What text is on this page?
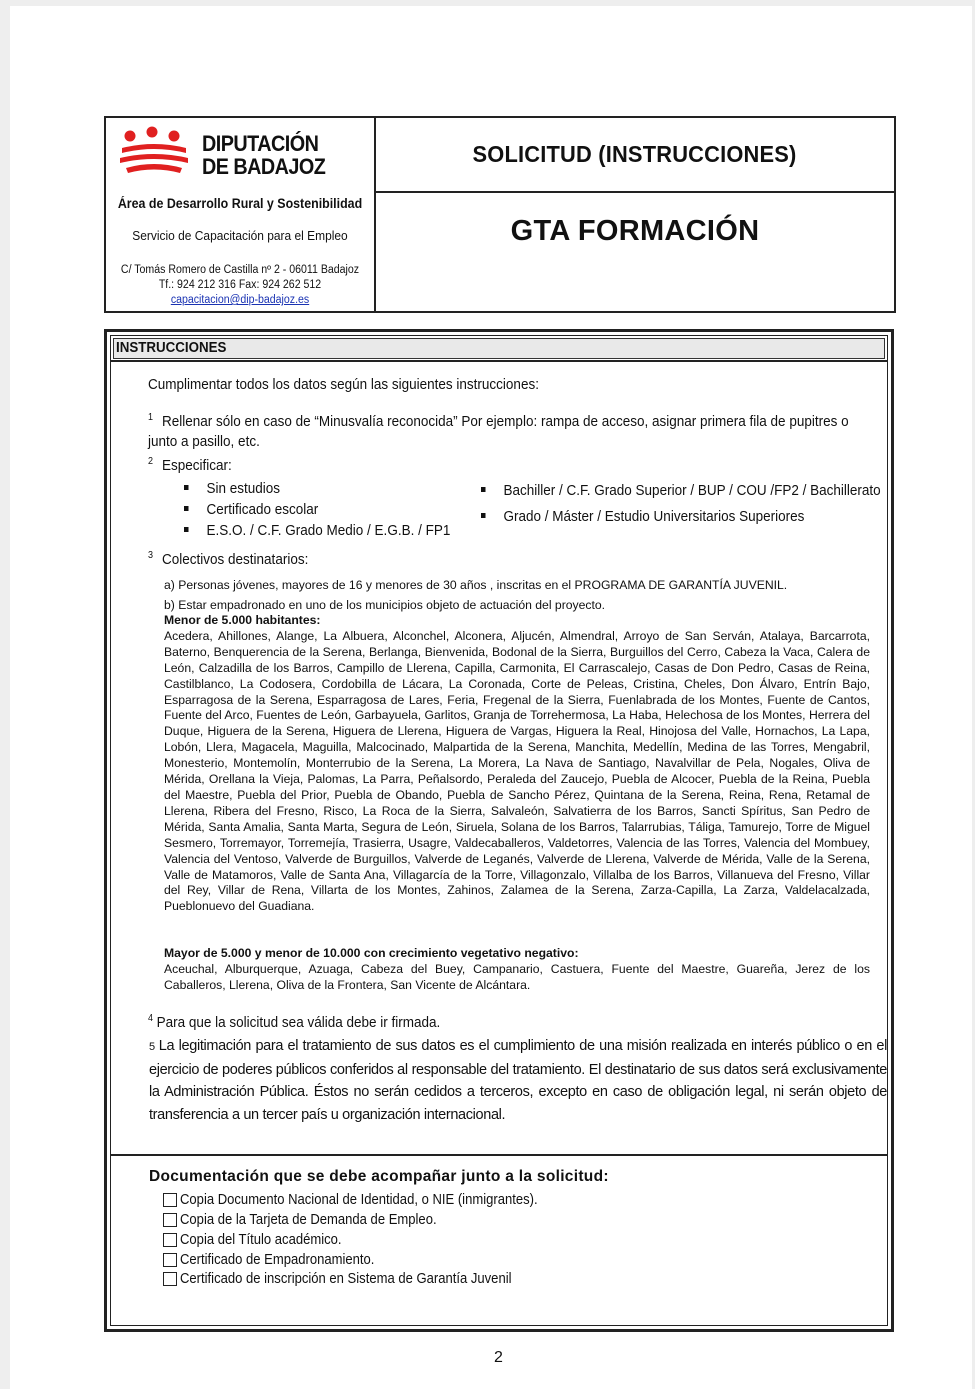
DIPUTACIÓN
DE BADAJOZ
Área de Desarrollo Rural y Sostenibilidad
Servicio de Capacitación para el Empleo
C/ Tomás Romero de Castilla nº 2 - 06011 Badajoz
Tf.: 924 212 316 Fax: 924 262 512
capacitacion@dip-badajoz.es
SOLICITUD (INSTRUCCIONES)
GTA FORMACIÓN
INSTRUCCIONES
Cumplimentar todos los datos según las siguientes instrucciones:
$^1$ Rellenar sólo en caso de “Minusvalía reconocida” Por ejemplo: rampa de acceso, asignar primera fila de pupitres o
junto a pasillo, etc.
$^2$ Especificar:
Sin estudios
Certificado escolar
E.S.O. / C.F. Grado Medio / E.G.B. / FP1
Bachiller / C.F. Grado Superior / BUP / COU /FP2 / Bachillerato
Grado / Máster / Estudio Universitarios Superiores
$^3$ Colectivos destinatarios:
a) Personas jóvenes, mayores de 16 y menores de 30 años , inscritas en el PROGRAMA DE GARANTÍA JUVENIL.
b) Estar empadronado en uno de los municipios objeto de actuación del proyecto.
Menor de 5.000 habitantes:
Acedera, Ahillones, Alange, La Albuera, Alconchel, Alconera, Aljucén, Almendral, Arroyo de San Serván, Atalaya, Barcarrota, Baterno, Benquerencia de la Serena, Berlanga, Bienvenida, Bodonal de la Sierra, Burguillos del Cerro, Cabeza la Vaca, Calera de León, Calzadilla de los Barros, Campillo de Llerena, Capilla, Carmonita, El Carrascalejo, Casas de Don Pedro, Casas de Reina, Castilblanco, La Codosera, Cordobilla de Lácara, La Coronada, Corte de Peleas, Cristina, Cheles, Don Álvaro, Entrín Bajo, Esparragosa de la Serena, Esparragosa de Lares, Feria, Fregenal de la Sierra, Fuenlabrada de los Montes, Fuente de Cantos, Fuente del Arco, Fuentes de León, Garbayuela, Garlitos, Granja de Torrehermosa, La Haba, Helechosa de los Montes, Herrera del Duque, Higuera de la Serena, Higuera de Llerena, Higuera de Vargas, Higuera la Real, Hinojosa del Valle, Hornachos, La Lapa, Lobón, Llera, Magacela, Maguilla, Malcocinado, Malpartida de la Serena, Manchita, Medellín, Medina de las Torres, Mengabril, Monesterio, Montemolín, Monterrubio de la Serena, La Morera, La Nava de Santiago, Navalvillar de Pela, Nogales, Oliva de Mérida, Orellana la Vieja, Palomas, La Parra, Peñalsordo, Peraleda del Zaucejo, Puebla de Alcocer, Puebla de la Reina, Puebla del Maestre, Puebla del Prior, Puebla de Obando, Puebla de Sancho Pérez, Quintana de la Serena, Reina, Rena, Retamal de Llerena, Ribera del Fresno, Risco, La Roca de la Sierra, Salvaleón, Salvatierra de los Barros, Sancti Spíritus, San Pedro de Mérida, Santa Amalia, Santa Marta, Segura de León, Siruela, Solana de los Barros, Talarrubias, Táliga, Tamurejo, Torre de Miguel Sesmero, Torremayor, Torremejía, Trasierra, Usagre, Valdecaballeros, Valdetorres, Valencia de las Torres, Valencia del Mombuey, Valencia del Ventoso, Valverde de Burguillos, Valverde de Leganés, Valverde de Llerena, Valverde de Mérida, Valle de la Serena, Valle de Matamoros, Valle de Santa Ana, Villagarcía de la Torre, Villagonzalo, Villalba de los Barros, Villanueva del Fresno, Villar del Rey, Villar de Rena, Villarta de los Montes, Zahinos, Zalamea de la Serena, Zarza-Capilla, La Zarza, Valdelacalzada, Pueblonuevo del Guadiana.
Mayor de 5.000 y menor de 10.000 con crecimiento vegetativo negativo:
Aceuchal, Alburquerque, Azuaga, Cabeza del Buey, Campanario, Castuera, Fuente del Maestre, Guareña, Jerez de los Caballeros, Llerena, Oliva de la Frontera, San Vicente de Alcántara.
$^4$ Para que la solicitud sea válida debe ir firmada.
5 La legitimación para el tratamiento de sus datos es el cumplimiento de una misión realizada en interés público o en el ejercicio de poderes públicos conferidos al responsable del tratamiento. El destinatario de sus datos será exclusivamente la Administración Pública. Éstos no serán cedidos a terceros, excepto en caso de obligación legal, ni serán objeto de transferencia a un tercer país u organización internacional.
Documentación que se debe acompañar junto a la solicitud:
Copia Documento Nacional de Identidad, o NIE (inmigrantes).
Copia de la Tarjeta de Demanda de Empleo.
Copia del Título académico.
Certificado de Empadronamiento.
Certificado de inscripción en Sistema de Garantía Juvenil
2
